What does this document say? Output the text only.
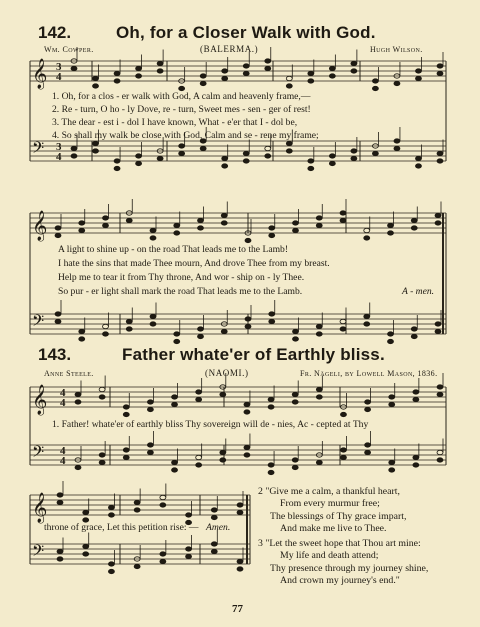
142.	Oh, for a Closer Walk with God.
Wm. Cowper.	(BALERMA.)	Hugh Wilson.
𝄞
𝄢
𝄞
𝄢
𝄞
𝄢
𝄞
𝄢
3
4
3
4
4
4
4
4
1. Oh, for a clos - er walk with God, A calm and heavenly frame,—
2. Re - turn, O ho - ly Dove, re - turn, Sweet mes - sen - ger of rest!
3. The dear - est i - dol I have known, What - e'er that I - dol be,
4. So shall my walk be close with God, Calm and se - rene my frame;
A light to shine up - on the road That leads me to the Lamb!
I hate the sins that made Thee mourn, And drove Thee from my breast.
Help me to tear it from Thy throne, And wor - ship on - ly Thee.
So pur - er light shall mark the road That leads me to the Lamb.	A - men.
143.	Father whate'er of Earthly bliss.
Anne Steele.	(NAOMI.)	Fr. Nägeli, by Lowell Mason, 1836.
1. Father! whate'er of earthly bliss Thy sovereign will de - nies, Ac - cepted at Thy
throne of grace, Let this petition rise: — Amen.
2 "Give me a calm, a thankful heart,
From every murmur free;
The blessings of Thy grace impart,
And make me live to Thee.
3 "Let the sweet hope that Thou art mine:
My life and death attend;
Thy presence through my journey shine,
And crown my journey's end."
77
